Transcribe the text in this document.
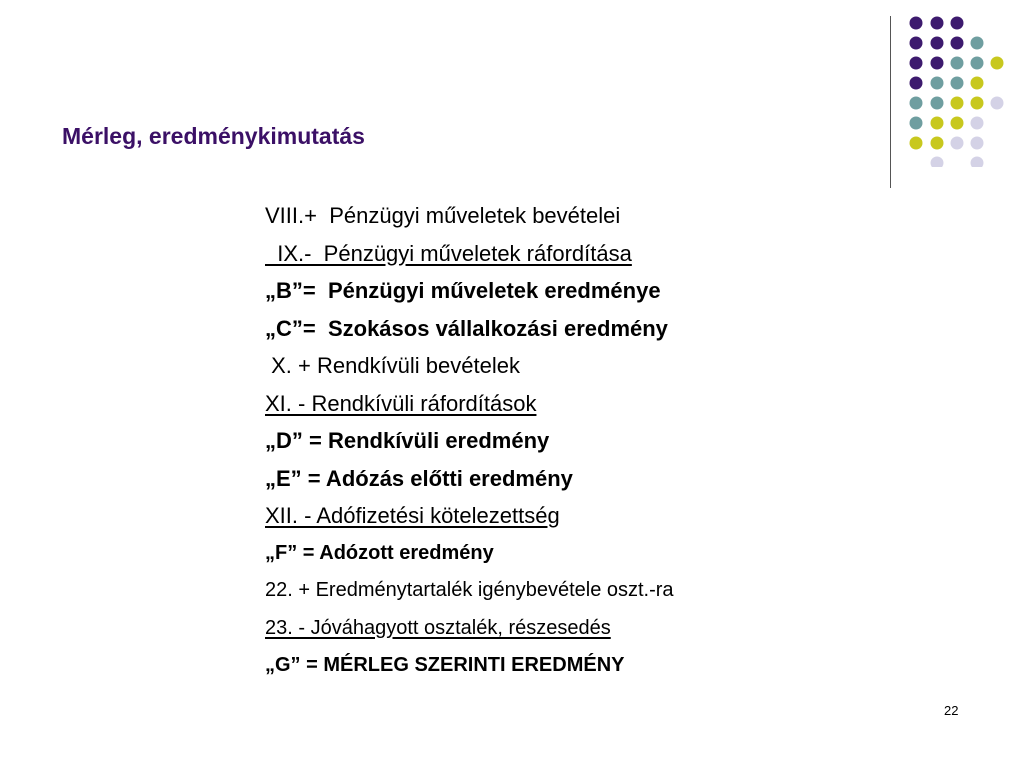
Mérleg, eredménykimutatás
VIII.+  Pénzügyi műveletek bevételei
IX.-  Pénzügyi műveletek ráfordítása
„B”=  Pénzügyi műveletek eredménye
„C”=  Szokásos vállalkozási eredmény
X. + Rendkívüli bevételek
XI. - Rendkívüli ráfordítások
„D” = Rendkívüli eredmény
„E” = Adózás előtti eredmény
XII. - Adófizetési kötelezettség
„F” = Adózott eredmény
22. + Eredménytartalék igénybevétele oszt.-ra
23. - Jóváhagyott osztalék, részesedés
„G” = MÉRLEG SZERINTI EREDMÉNY
22
